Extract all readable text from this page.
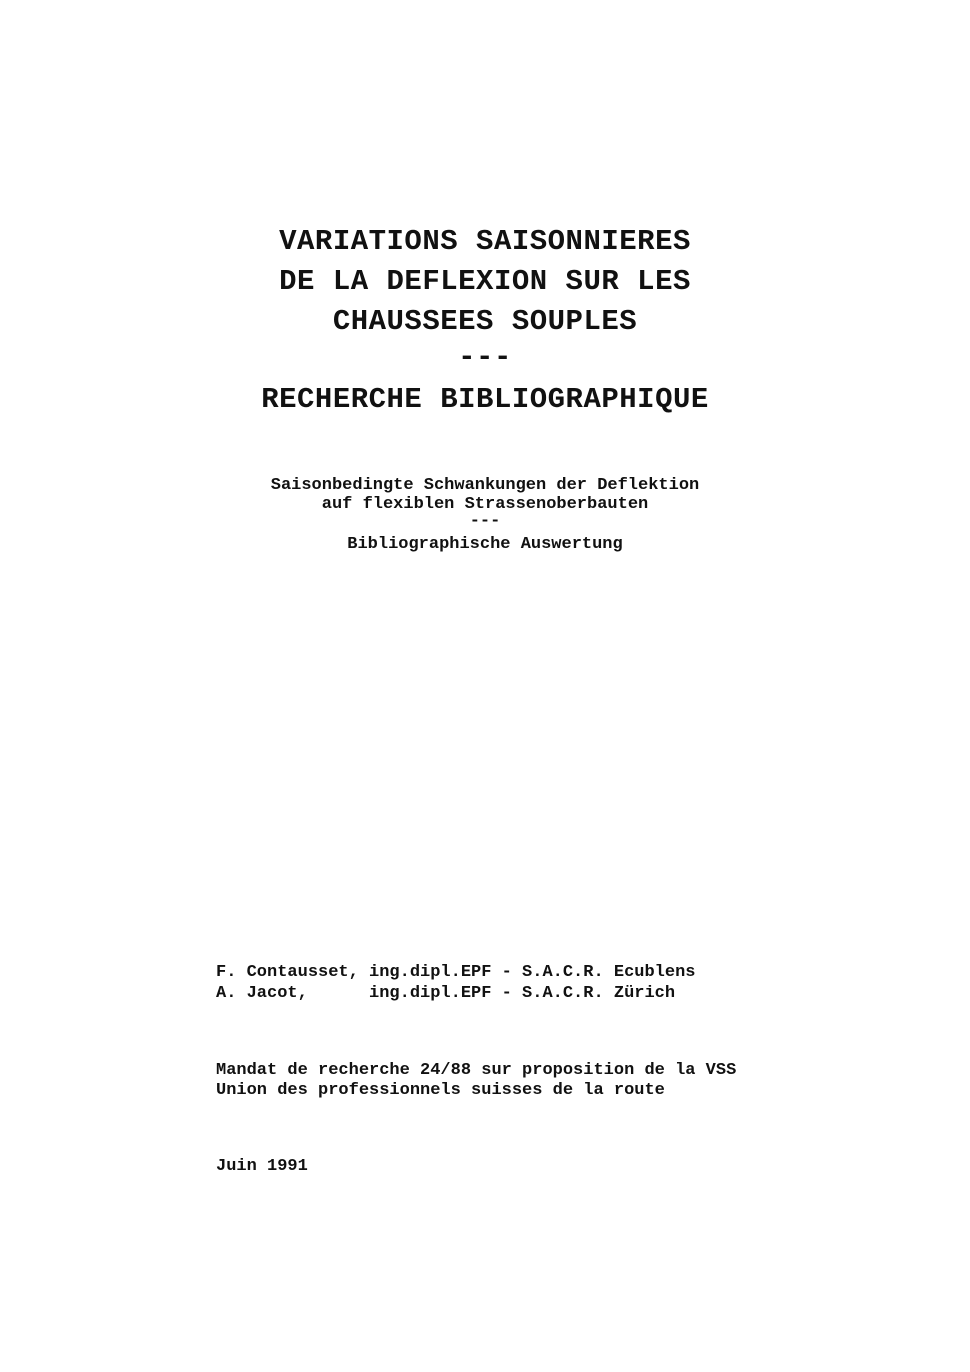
VARIATIONS SAISONNIERES

DE LA DEFLEXION SUR LES

CHAUSSEES SOUPLES

---

RECHERCHE BIBLIOGRAPHIQUE

Saisonbedingte Schwankungen der Deflektion

auf flexiblen Strassenoberbauten

---

Bibliographische Auswertung

F. Contausset, ing.dipl.EPF - S.A.C.R. Ecublens

A. Jacot,      ing.dipl.EPF - S.A.C.R. Zürich

Mandat de recherche 24/88 sur proposition de la VSS

Union des professionnels suisses de la route

Juin 1991
